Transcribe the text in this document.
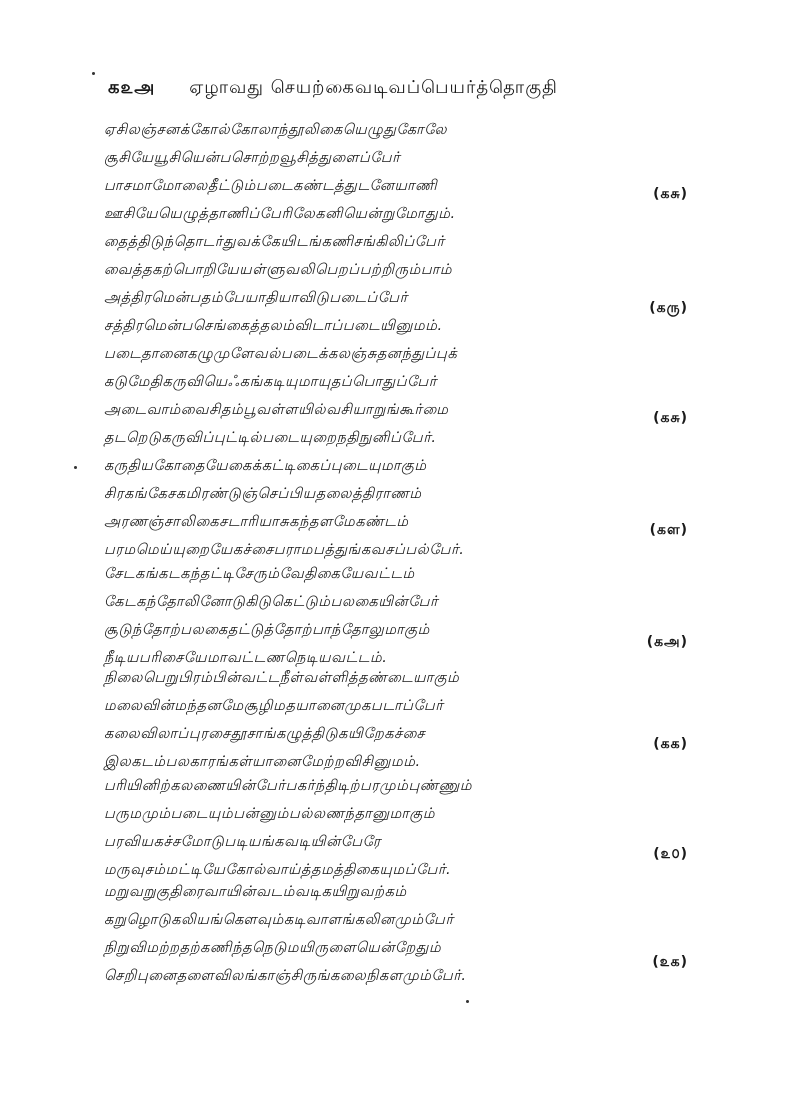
க௨அ ஏழாவது செயற்கைவடிவப்பெயர்த்தொகுதி
ஏசிலஞ்சனக்கோல்கோலாந்தூலிகையெழுதுகோலே
சூசியேயூசியென்பசொற்றவூசித்துளைப்பேர்
பாசமாமோலைதீட்டும்படைகண்டத்துடனேயாணி
ஊசியேயெழுத்தாணிப்பேரிலேகனியென்றுமோதும்.
(கசு)
தைத்திடுந்தொடர்துவக்கேயிடங்கணிசங்கிலிப்பேர்
வைத்தகற்பொறியேயள்ளுவலிபெறப்பற்றிரும்பாம்
அத்திரமென்பதம்பேயாதியாவிடுபடைப்பேர்
சத்திரமென்பசெங்கைத்தலம்விடாப்படையினுமம்.
(கரு)
படைதானைகழுமுளேவல்படைக்கலஞ்சுதனந்துப்புக்
கடுமேதிகருவியெஃகங்கடியுமாயுதப்பொதுப்பேர்
அடைவாம்வைசிதம்பூவள்ளயில்வசியாறுங்கூர்மை
தடறெடுகருவிப்புட்டில்படையுறைநதிநுனிப்பேர்.
(கசு)
கருதியகோதையேகைக்கட்டிகைப்புடையுமாகும்
சிரகங்கேசகமிரண்டுஞ்செப்பியதலைத்திராணம்
அரணஞ்சாலிகைசடாரியாசுகந்தளமேகண்டம்
பரமமெய்யுறையேகச்சைபராமபத்துங்கவசப்பல்பேர்.
(கள)
சேடகங்கடகந்தட்டிசேரும்வேதிகையேவட்டம்
கேடகந்தோலினோடுகிடுகெட்டும்பலகையின்பேர்
சூடுந்தோற்பலகைதட்டுத்தோற்பாந்தோலுமாகும்
நீடியபரிசையேமாவட்டணநெடியவட்டம்.
(கஅ)
நிலைபெறுபிரம்பின்வட்டநீள்வள்ளித்தண்டையாகும்
மலைவின்மந்தனமேசூழிமதயானைமுகபடாப்பேர்
கலைவிலாப்புரசைதூசாங்கழுத்திடுகயிறேகச்சை
இலகடம்பலகாரங்கள்யானைமேற்றவிசினுமம்.
(கக)
பரியினிற்கலணையின்பேர்பகர்ந்திடிற்பரமும்புண்ணும்
பருமமும்படையும்பன்னும்பல்லணந்தானுமாகும்
பரவியகச்சமோடுபடியங்கவடியின்பேரே
மருவுசம்மட்டியேகோல்வாய்த்தமத்திகையுமப்பேர்.
(௨௦)
மறுவறுகுதிரைவாயின்வடம்வடிகயிறுவற்கம்
கறுழொடுகலியங்கௌவும்கடிவாளங்கலினமும்பேர்
நிறுவிமற்றதற்கணிந்தநெடுமயிருளையென்றேதும்
செறிபுனைதளைவிலங்காஞ்சிருங்கலைநிகளமும்பேர்.
(௨க)
